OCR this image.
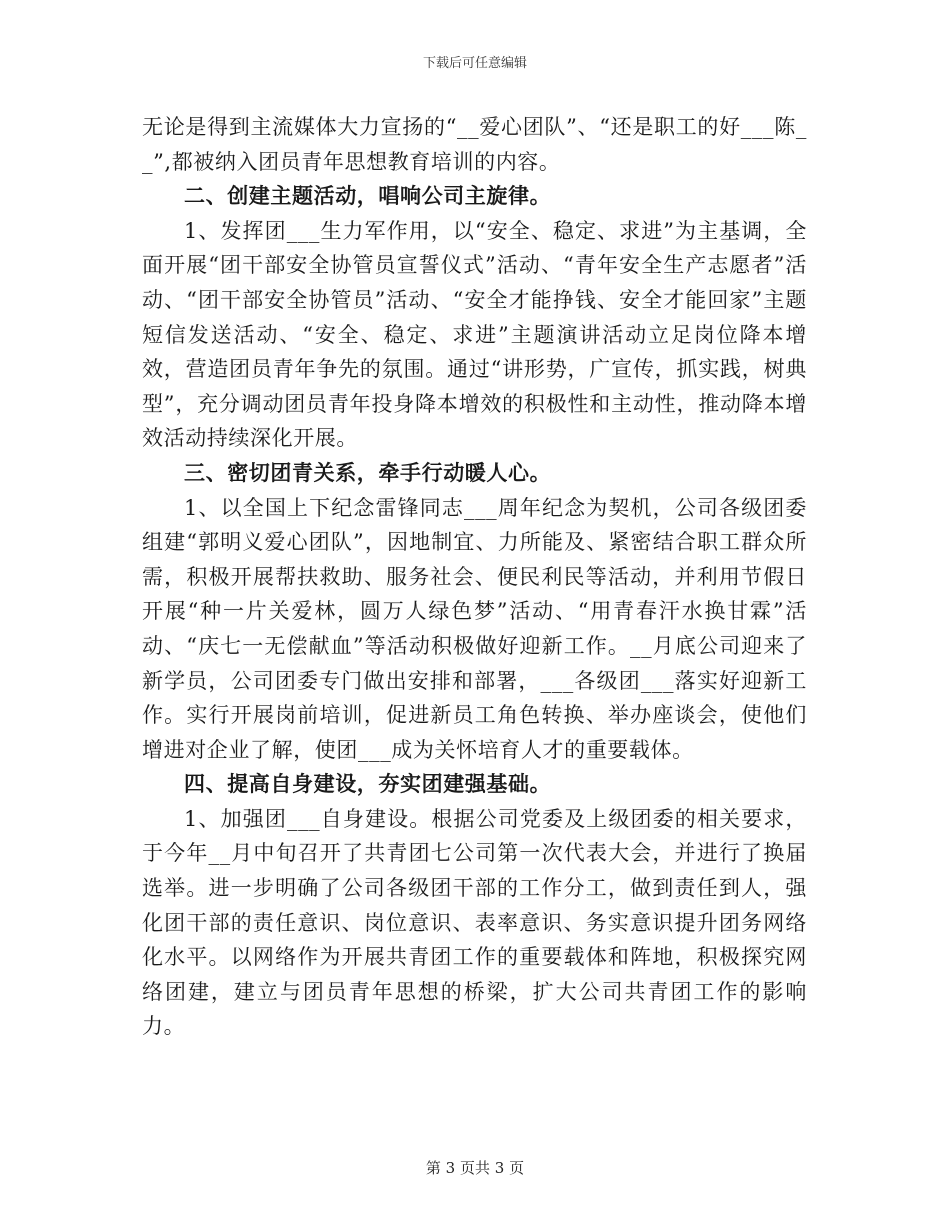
下载后可任意编辑

无论是得到主流媒体大力宣扬的“__爱心团队”、“还是职工的好___陈__”,都被纳入团员青年思想教育培训的内容。

二、创建主题活动，唱响公司主旋律。

1、发挥团___生力军作用，以“安全、稳定、求进”为主基调，全面开展“团干部安全协管员宣誓仪式”活动、“青年安全生产志愿者”活动、“团干部安全协管员”活动、“安全才能挣钱、安全才能回家”主题短信发送活动、“安全、稳定、求进”主题演讲活动立足岗位降本增效，营造团员青年争先的氛围。通过“讲形势，广宣传，抓实践，树典型”，充分调动团员青年投身降本增效的积极性和主动性，推动降本增效活动持续深化开展。

三、密切团青关系，牵手行动暖人心。

1、以全国上下纪念雷锋同志___周年纪念为契机，公司各级团委组建“郭明义爱心团队”，因地制宜、力所能及、紧密结合职工群众所需，积极开展帮扶救助、服务社会、便民利民等活动，并利用节假日开展“种一片关爱林，圆万人绿色梦”活动、“用青春汗水换甘霖”活动、“庆七一无偿献血”等活动积极做好迎新工作。__月底公司迎来了新学员，公司团委专门做出安排和部署，___各级团___落实好迎新工作。实行开展岗前培训，促进新员工角色转换、举办座谈会，使他们增进对企业了解，使团___成为关怀培育人才的重要载体。

四、提高自身建设，夯实团建强基础。

1、加强团___自身建设。根据公司党委及上级团委的相关要求，于今年__月中旬召开了共青团七公司第一次代表大会，并进行了换届选举。进一步明确了公司各级团干部的工作分工，做到责任到人，强化团干部的责任意识、岗位意识、表率意识、务实意识提升团务网络化水平。以网络作为开展共青团工作的重要载体和阵地，积极探究网络团建，建立与团员青年思想的桥梁，扩大公司共青团工作的影响力。

第 3 页共 3 页
